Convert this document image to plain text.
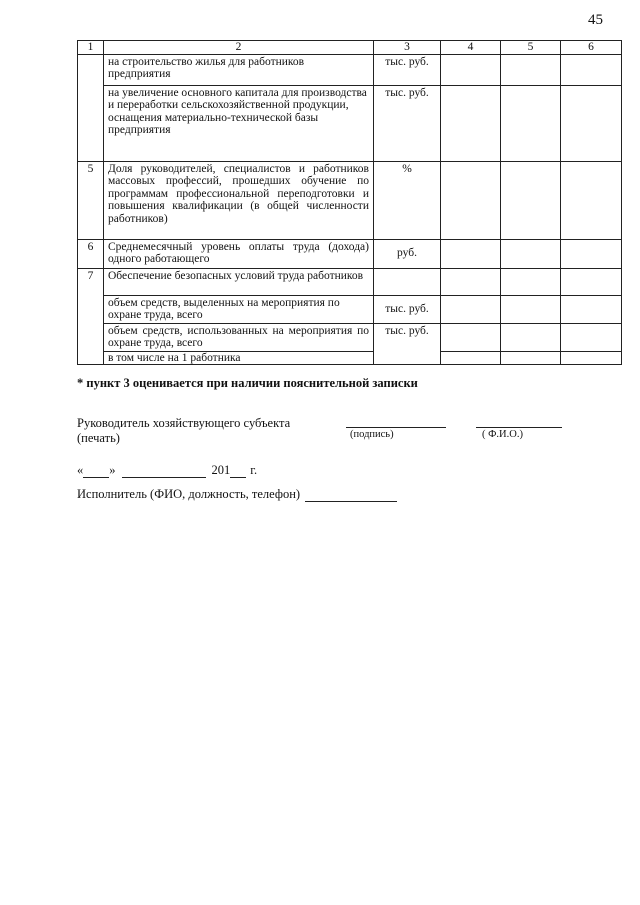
45
1	2	3	4	5	6
	на строительство жилья для работников предприятия	тыс. руб.			
	на увеличение основного капитала для производства и переработки сельскохозяйственной продукции, оснащения материально-технической базы предприятия	тыс. руб.			
5	Доля руководителей, специалистов и работников массовых профессий, прошедших обучение по программам профессиональной переподготовки и повышения квалификации (в общей численности работников)	%			
6	Среднемесячный уровень оплаты труда (дохода) одного работающего	руб.			
7	Обеспечение безопасных условий труда работников				
	объем средств, выделенных на мероприятия по охране труда, всего	тыс. руб.			
	объем средств, использованных на мероприятия по охране труда, всего	тыс. руб.			
	в том числе на 1 работника				
* пункт 3 оценивается при наличии пояснительной записки
Руководитель хозяйствующего субъекта
(печать)	(подпись)	( Ф.И.О.)
« »	201 г.
Исполнитель (ФИО, должность, телефон)
